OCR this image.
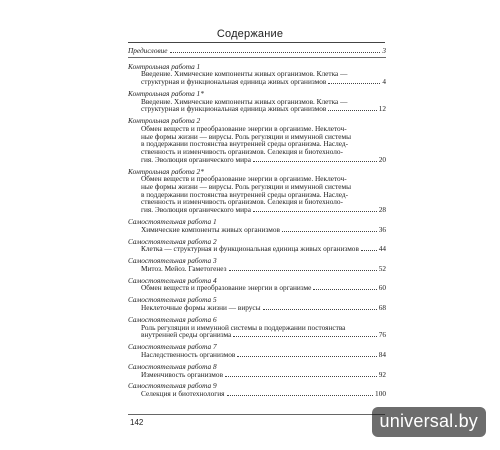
Содержание
Предисловие	3
Контрольная работа 1
Введение. Химические компоненты живых организмов. Клетка —
структурная и функциональная единица живых организмов	4
Контрольная работа 1*
Введение. Химические компоненты живых организмов. Клетка —
структурная и функциональная единица живых организмов	12
Контрольная работа 2
Обмен веществ и преобразование энергии в организме. Неклеточ-
ные формы жизни — вирусы. Роль регуляции и иммунной системы
в поддержании постоянства внутренней среды организма. Наслед-
ственность и изменчивость организмов. Селекция и биотехноло-
гия. Эволюция органического мира	20
Контрольная работа 2*
Обмен веществ и преобразование энергии в организме. Неклеточ-
ные формы жизни — вирусы. Роль регуляции и иммунной системы
в поддержании постоянства внутренней среды организма. Наслед-
ственность и изменчивость организмов. Селекция и биотехноло-
гия. Эволюция органического мира	28
Самостоятельная работа 1
Химические компоненты живых организмов	36
Самостоятельная работа 2
Клетка — структурная и функциональная единица живых организмов	44
Самостоятельная работа 3
Митоз. Мейоз. Гаметогенез	52
Самостоятельная работа 4
Обмен веществ и преобразование энергии в организме	60
Самостоятельная работа 5
Неклеточные формы жизни — вирусы	68
Самостоятельная работа 6
Роль регуляции и иммунной системы в поддержании постоянства
внутренней среды организма	76
Самостоятельная работа 7
Наследственность организмов	84
Самостоятельная работа 8
Изменчивость организмов	92
Самостоятельная работа 9
Селекция и биотехнология	100
142	universal.by
